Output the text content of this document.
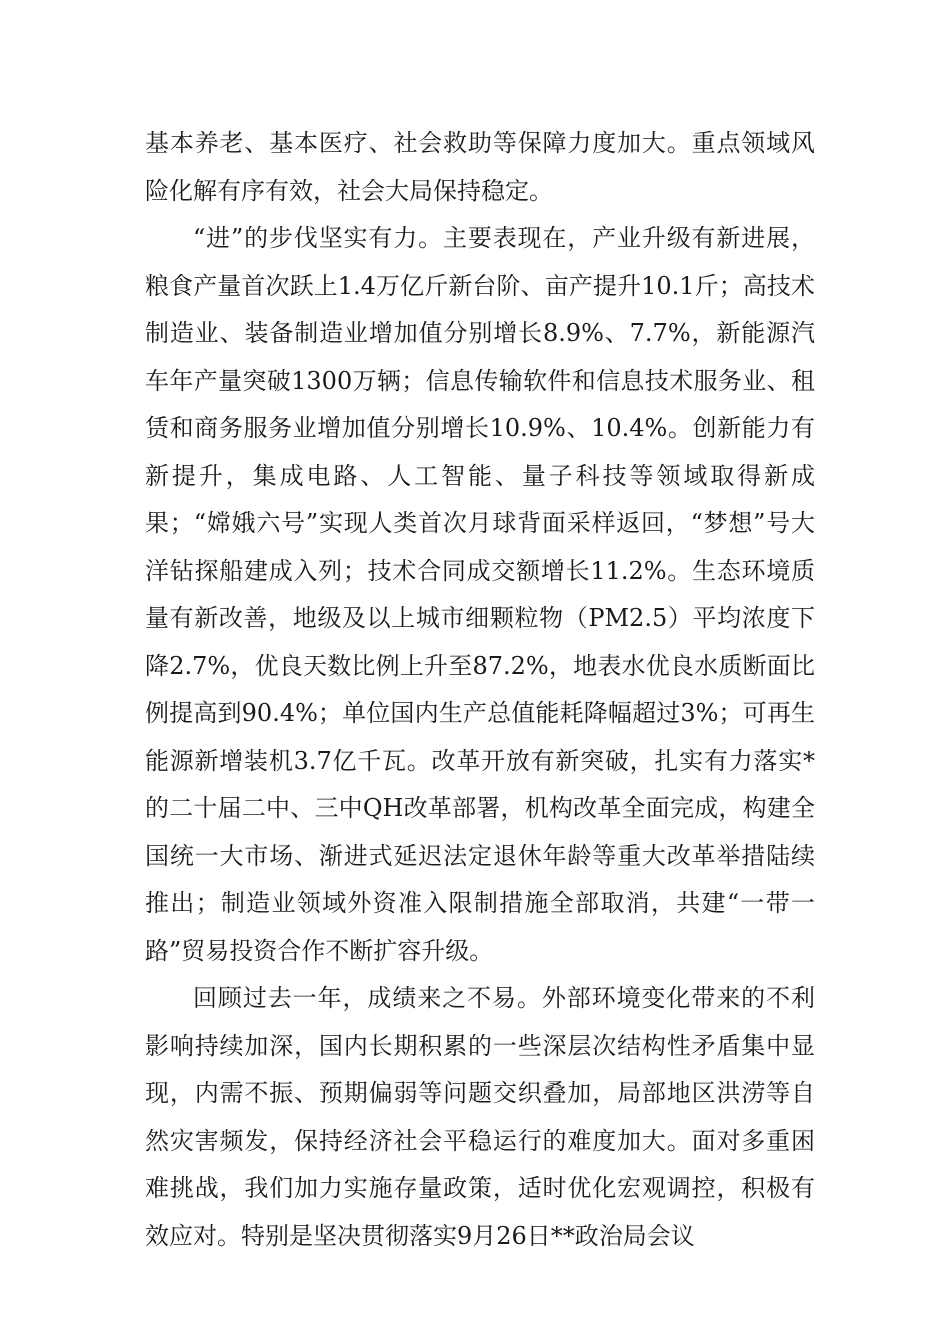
基本养老、基本医疗、社会救助等保障力度加大。重点领域风险化解有序有效，社会大局保持稳定。

“进”的步伐坚实有力。主要表现在，产业升级有新进展，粮食产量首次跃上1.4万亿斤新台阶、亩产提升10.1斤；高技术制造业、装备制造业增加值分别增长8.9%、7.7%，新能源汽车年产量突破1300万辆；信息传输软件和信息技术服务业、租赁和商务服务业增加值分别增长10.9%、10.4%。创新能力有新提升，集成电路、人工智能、量子科技等领域取得新成果；“嫦娥六号”实现人类首次月球背面采样返回，“梦想”号大洋钻探船建成入列；技术合同成交额增长11.2%。生态环境质量有新改善，地级及以上城市细颗粒物（PM2.5）平均浓度下降2.7%，优良天数比例上升至87.2%，地表水优良水质断面比例提高到90.4%；单位国内生产总值能耗降幅超过3%；可再生能源新增装机3.7亿千瓦。改革开放有新突破，扎实有力落实*的二十届二中、三中QH改革部署，机构改革全面完成，构建全国统一大市场、渐进式延迟法定退休年龄等重大改革举措陆续推出；制造业领域外资准入限制措施全部取消，共建“一带一路”贸易投资合作不断扩容升级。

回顾过去一年，成绩来之不易。外部环境变化带来的不利影响持续加深，国内长期积累的一些深层次结构性矛盾集中显现，内需不振、预期偏弱等问题交织叠加，局部地区洪涝等自然灾害频发，保持经济社会平稳运行的难度加大。面对多重困难挑战，我们加力实施存量政策，适时优化宏观调控，积极有效应对。特别是坚决贯彻落实9月26日**政治局会议
